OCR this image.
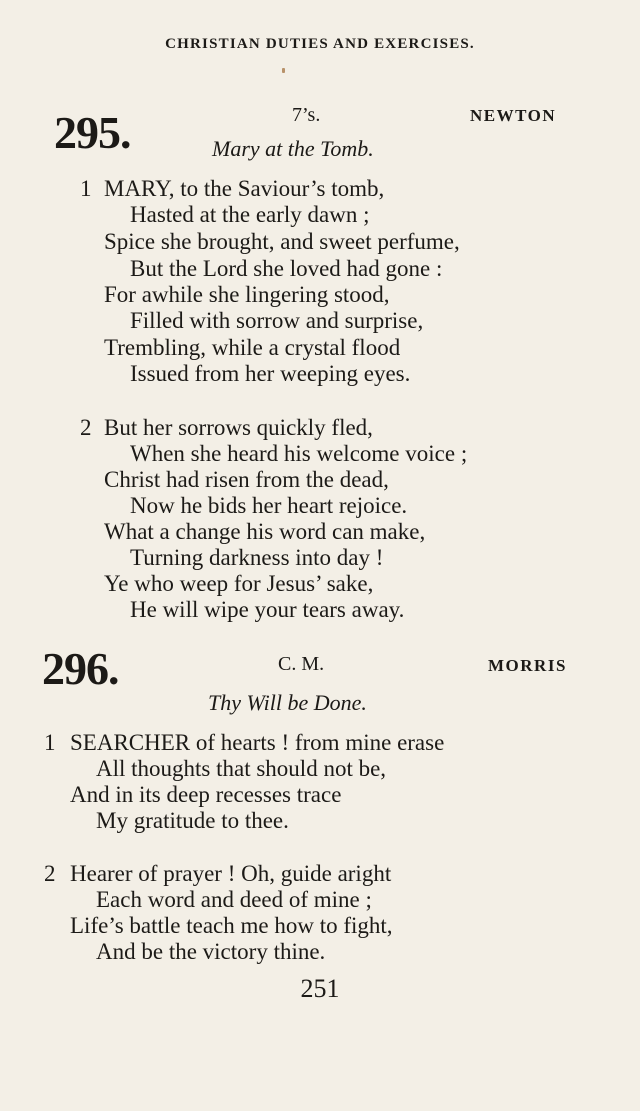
CHRISTIAN DUTIES AND EXERCISES.
295.	7’s.	NEWTON
Mary at the Tomb.
1 MARY, to the Saviour’s tomb,
Hasted at the early dawn ;
Spice she brought, and sweet perfume,
But the Lord she loved had gone :
For awhile she lingering stood,
Filled with sorrow and surprise,
Trembling, while a crystal flood
Issued from her weeping eyes.
2 But her sorrows quickly fled,
When she heard his welcome voice ;
Christ had risen from the dead,
Now he bids her heart rejoice.
What a change his word can make,
Turning darkness into day !
Ye who weep for Jesus’ sake,
He will wipe your tears away.
296.	C. M.	MORRIS
Thy Will be Done.
1 SEARCHER of hearts ! from mine erase
All thoughts that should not be,
And in its deep recesses trace
My gratitude to thee.
2 Hearer of prayer ! Oh, guide aright
Each word and deed of mine ;
Life’s battle teach me how to fight,
And be the victory thine.
251
